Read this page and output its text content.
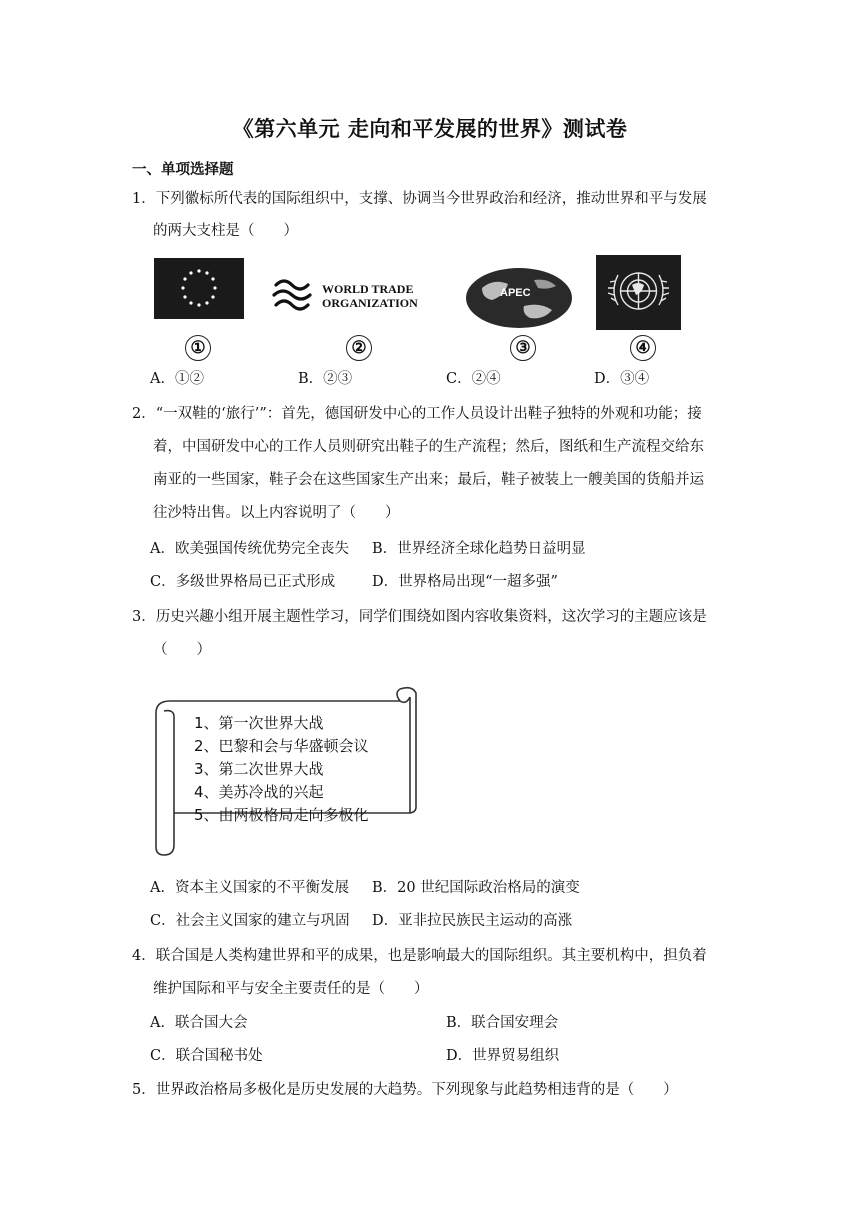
《第六单元 走向和平发展的世界》测试卷
一、单项选择题
1．下列徽标所代表的国际组织中，支撑、协调当今世界政治和经济，推动世界和平与发展
的两大支柱是（　　）
WORLD TRADE
ORGANIZATION
APEC
①	②	③	④
A．①②	B．②③	C．②④	D．③④
2．“一双鞋的‘旅行’”：首先，德国研发中心的工作人员设计出鞋子独特的外观和功能；接
着，中国研发中心的工作人员则研究出鞋子的生产流程；然后，图纸和生产流程交给东
南亚的一些国家，鞋子会在这些国家生产出来；最后，鞋子被装上一艘美国的货船并运
往沙特出售。以上内容说明了（　　）
A．欧美强国传统优势完全丧失 B．世界经济全球化趋势日益明显
C．多级世界格局已正式形成	D．世界格局出现“一超多强”
3．历史兴趣小组开展主题性学习，同学们围绕如图内容收集资料，这次学习的主题应该是
（　　）
1、第一次世界大战
2、巴黎和会与华盛顿会议
3、第二次世界大战
4、美苏冷战的兴起
5、由两极格局走向多极化
A．资本主义国家的不平衡发展 B．20 世纪国际政治格局的演变
C．社会主义国家的建立与巩固 D．亚非拉民族民主运动的高涨
4．联合国是人类构建世界和平的成果，也是影响最大的国际组织。其主要机构中，担负着
维护国际和平与安全主要责任的是（　　）
A．联合国大会	B．联合国安理会
C．联合国秘书处	D．世界贸易组织
5．世界政治格局多极化是历史发展的大趋势。下列现象与此趋势相违背的是（　　）
